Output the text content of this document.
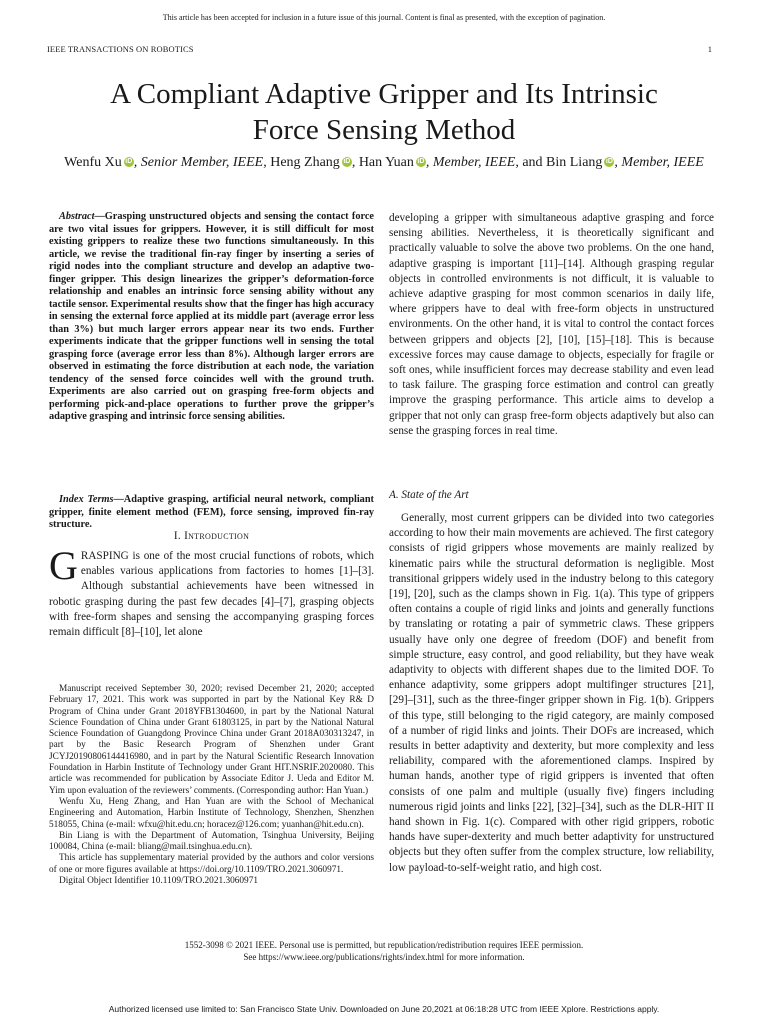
This article has been accepted for inclusion in a future issue of this journal. Content is final as presented, with the exception of pagination.
IEEE TRANSACTIONS ON ROBOTICS	1
A Compliant Adaptive Gripper and Its Intrinsic
Force Sensing Method
Wenfu Xu iD , Senior Member, IEEE, Heng Zhang iD , Han Yuan iD , Member, IEEE, and Bin Liang iD , Member, IEEE
Abstract—Grasping unstructured objects and sensing the contact force are two vital issues for grippers. However, it is still difficult for most existing grippers to realize these two functions simultaneously. In this article, we revise the traditional fin-ray finger by inserting a series of rigid nodes into the compliant structure and develop an adaptive two-finger gripper. This design linearizes the gripper’s deformation-force relationship and enables an intrinsic force sensing ability without any tactile sensor. Experimental results show that the finger has high accuracy in sensing the external force applied at its middle part (average error less than 3%) but much larger errors appear near its two ends. Further experiments indicate that the gripper functions well in sensing the total grasping force (average error less than 8%). Although larger errors are observed in estimating the force distribution at each node, the variation tendency of the sensed force coincides well with the ground truth. Experiments are also carried out on grasping free-form objects and performing pick-and-place operations to further prove the gripper’s adaptive grasping and intrinsic force sensing abilities.
Index Terms—Adaptive grasping, artificial neural network, compliant gripper, finite element method (FEM), force sensing, improved fin-ray structure.
I. Introduction
GRASPING is one of the most crucial functions of robots, which enables various applications from factories to homes [1]–[3]. Although substantial achievements have been witnessed in robotic grasping during the past few decades [4]–[7], grasping objects with free-form shapes and sensing the accompanying grasping forces remain difficult [8]–[10], let alone

Manuscript received September 30, 2020; revised December 21, 2020; accepted February 17, 2021. This work was supported in part by the National Key R& D Program of China under Grant 2018YFB1304600, in part by the National Natural Science Foundation of China under Grant 61803125, in part by the National Natural Science Foundation of Guangdong Province China under Grant 2018A030313247, in part by the Basic Research Program of Shenzhen under Grant JCYJ20190806144416980, and in part by the Natural Scientific Research Innovation Foundation in Harbin Institute of Technology under Grant HIT.NSRIF.2020080. This article was recommended for publication by Associate Editor J. Ueda and Editor M. Yim upon evaluation of the reviewers’ comments. (Corresponding author: Han Yuan.)

Wenfu Xu, Heng Zhang, and Han Yuan are with the School of Mechanical Engineering and Automation, Harbin Institute of Technology, Shenzhen, Shenzhen 518055, China (e-mail: wfxu@hit.edu.cn; horacez@126.com; yuanhan@hit.edu.cn).

Bin Liang is with the Department of Automation, Tsinghua University, Beijing 100084, China (e-mail: bliang@mail.tsinghua.edu.cn).

This article has supplementary material provided by the authors and color versions of one or more figures available at https://doi.org/10.1109/TRO.2021.3060971.

Digital Object Identifier 10.1109/TRO.2021.3060971

developing a gripper with simultaneous adaptive grasping and force sensing abilities. Nevertheless, it is theoretically significant and practically valuable to solve the above two problems. On the one hand, adaptive grasping is important [11]–[14]. Although grasping regular objects in controlled environments is not difficult, it is valuable to achieve adaptive grasping for most common scenarios in daily life, where grippers have to deal with free-form objects in unstructured environments. On the other hand, it is vital to control the contact forces between grippers and objects [2], [10], [15]–[18]. This is because excessive forces may cause damage to objects, especially for fragile or soft ones, while insufficient forces may decrease stability and even lead to task failure. The grasping force estimation and control can greatly improve the grasping performance. This article aims to develop a gripper that not only can grasp free-form objects adaptively but also can sense the grasping forces in real time.
A. State of the Art
Generally, most current grippers can be divided into two categories according to how their main movements are achieved. The first category consists of rigid grippers whose movements are mainly realized by kinematic pairs while the structural deformation is negligible. Most transitional grippers widely used in the industry belong to this category [19], [20], such as the clamps shown in Fig. 1(a). This type of grippers often contains a couple of rigid links and joints and generally functions by translating or rotating a pair of symmetric claws. These grippers usually have only one degree of freedom (DOF) and benefit from simple structure, easy control, and good reliability, but they have weak adaptivity to objects with different shapes due to the limited DOF. To enhance adaptivity, some grippers adopt multifinger structures [21], [29]–[31], such as the three-finger gripper shown in Fig. 1(b). Grippers of this type, still belonging to the rigid category, are mainly composed of a number of rigid links and joints. Their DOFs are increased, which results in better adaptivity and dexterity, but more complexity and less reliability, compared with the aforementioned clamps. Inspired by human hands, another type of rigid grippers is invented that often consists of one palm and multiple (usually five) fingers including numerous rigid joints and links [22], [32]–[34], such as the DLR-HIT II hand shown in Fig. 1(c). Compared with other rigid grippers, robotic hands have super-dexterity and much better adaptivity for unstructured objects but they often suffer from the complex structure, low reliability, low payload-to-self-weight ratio, and high cost.
1552-3098 © 2021 IEEE. Personal use is permitted, but republication/redistribution requires IEEE permission.
See https://www.ieee.org/publications/rights/index.html for more information.
Authorized licensed use limited to: San Francisco State Univ. Downloaded on June 20,2021 at 06:18:28 UTC from IEEE Xplore. Restrictions apply.
